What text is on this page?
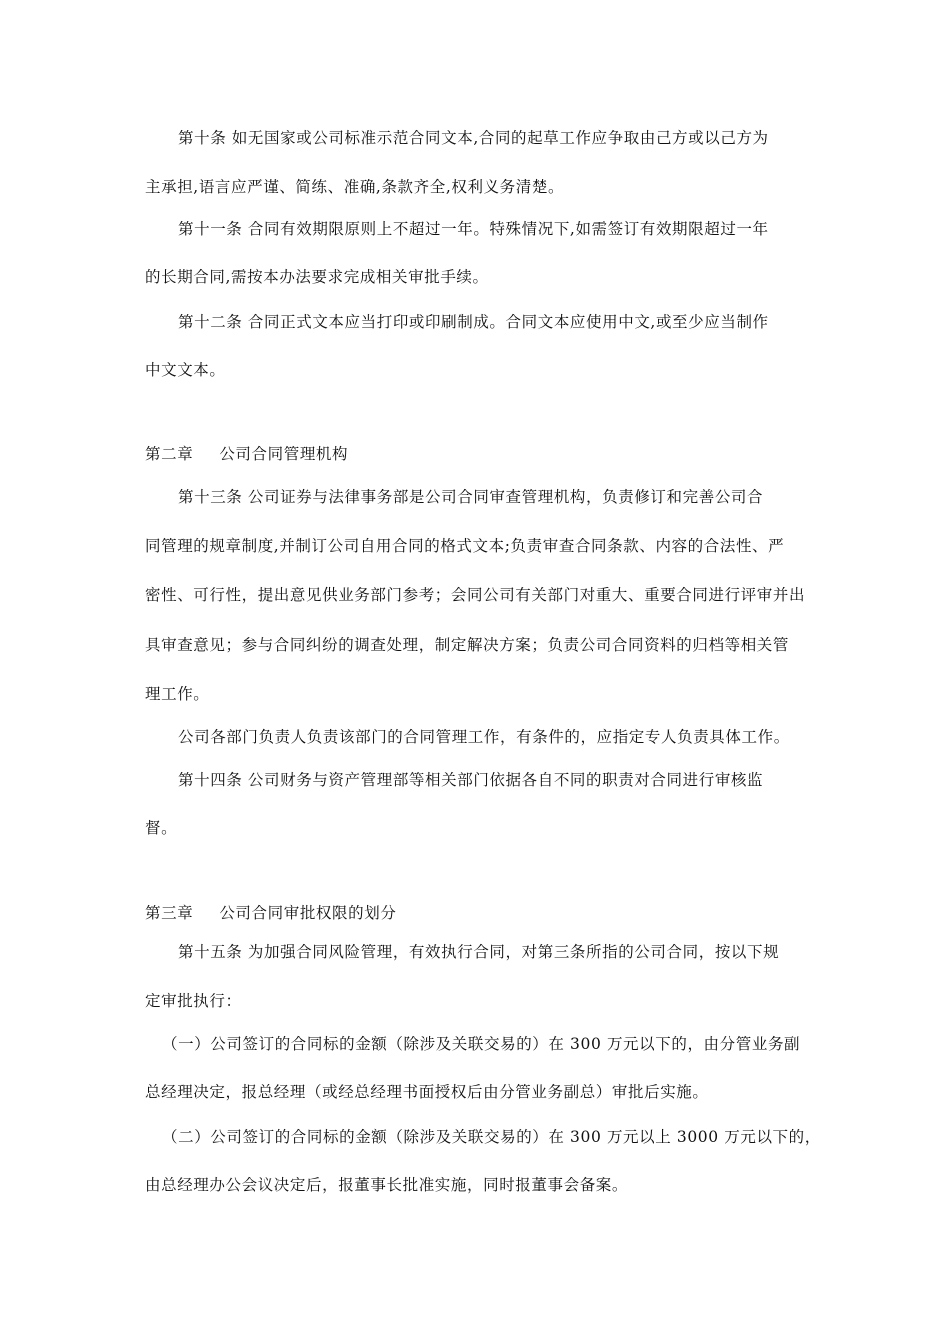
第十条 如无国家或公司标准示范合同文本,合同的起草工作应争取由己方或以己方为
主承担,语言应严谨、简练、准确,条款齐全,权利义务清楚。
第十一条 合同有效期限原则上不超过一年。特殊情况下,如需签订有效期限超过一年
的长期合同,需按本办法要求完成相关审批手续。
第十二条 合同正式文本应当打印或印刷制成。合同文本应使用中文,或至少应当制作
中文文本。
第二章 公司合同管理机构
第十三条 公司证券与法律事务部是公司合同审查管理机构，负责修订和完善公司合
同管理的规章制度,并制订公司自用合同的格式文本;负责审查合同条款、内容的合法性、严
密性、可行性，提出意见供业务部门参考；会同公司有关部门对重大、重要合同进行评审并出
具审查意见；参与合同纠纷的调查处理，制定解决方案；负责公司合同资料的归档等相关管
理工作。
公司各部门负责人负责该部门的合同管理工作，有条件的，应指定专人负责具体工作。
第十四条 公司财务与资产管理部等相关部门依据各自不同的职责对合同进行审核监
督。
第三章 公司合同审批权限的划分
第十五条 为加强合同风险管理，有效执行合同，对第三条所指的公司合同，按以下规
定审批执行：
（一）公司签订的合同标的金额（除涉及关联交易的）在 300 万元以下的，由分管业务副
总经理决定，报总经理（或经总经理书面授权后由分管业务副总）审批后实施。
（二）公司签订的合同标的金额（除涉及关联交易的）在 300 万元以上 3000 万元以下的，
由总经理办公会议决定后，报董事长批准实施，同时报董事会备案。
